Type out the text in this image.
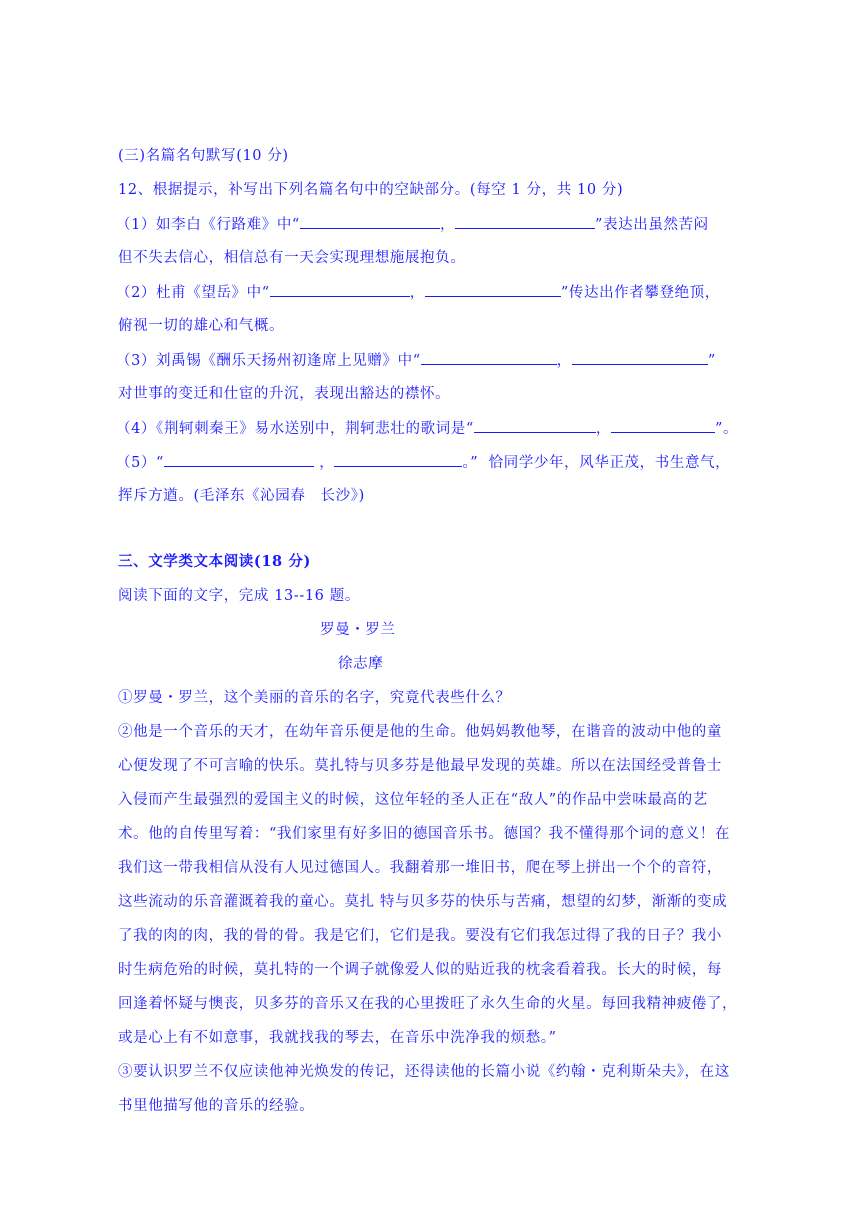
(三)名篇名句默写(10 分)
12、根据提示，补写出下列名篇名句中的空缺部分。(每空 1 分，共 10 分)
（1）如李白《行路难》中“	，	”表达出虽然苦闷
但不失去信心，相信总有一天会实现理想施展抱负。
（2）杜甫《望岳》中“	，	”传达出作者攀登绝顶，
俯视一切的雄心和气概。
（3）刘禹锡《酬乐天扬州初逢席上见赠》中“	，	”
对世事的变迁和仕宦的升沉，表现出豁达的襟怀。
（4）《荆轲刺秦王》易水送别中，荆轲悲壮的歌词是“	，	”。
（5）“	，	。”  恰同学少年，风华正茂，书生意气，
挥斥方遒。(毛泽东《沁园春　长沙》)
三、文学类文本阅读(18 分)
阅读下面的文字，完成 13--16 题。
罗曼・罗兰
徐志摩
①罗曼・罗兰，这个美丽的音乐的名字，究竟代表些什么？
②他是一个音乐的天才，在幼年音乐便是他的生命。他妈妈教他琴，在谐音的波动中他的童
心便发现了不可言喻的快乐。莫扎特与贝多芬是他最早发现的英雄。所以在法国经受普鲁士
入侵而产生最强烈的爱国主义的时候，这位年轻的圣人正在“敌人”的作品中尝味最高的艺
术。他的自传里写着：“我们家里有好多旧的德国音乐书。德国？我不懂得那个词的意义！在
我们这一带我相信从没有人见过德国人。我翻着那一堆旧书，爬在琴上拼出一个个的音符，
这些流动的乐音灌溉着我的童心。莫扎 特与贝多芬的快乐与苦痛，想望的幻梦，渐渐的变成
了我的肉的肉，我的骨的骨。我是它们，它们是我。要没有它们我怎过得了我的日子？我小
时生病危殆的时候，莫扎特的一个调子就像爱人似的贴近我的枕衾看着我。长大的时候，每
回逢着怀疑与懊丧，贝多芬的音乐又在我的心里拨旺了永久生命的火星。每回我精神疲倦了，
或是心上有不如意事，我就找我的琴去，在音乐中洗净我的烦愁。”
③要认识罗兰不仅应读他神光焕发的传记，还得读他的长篇小说《约翰・克利斯朵夫》，在这
书里他描写他的音乐的经验。
